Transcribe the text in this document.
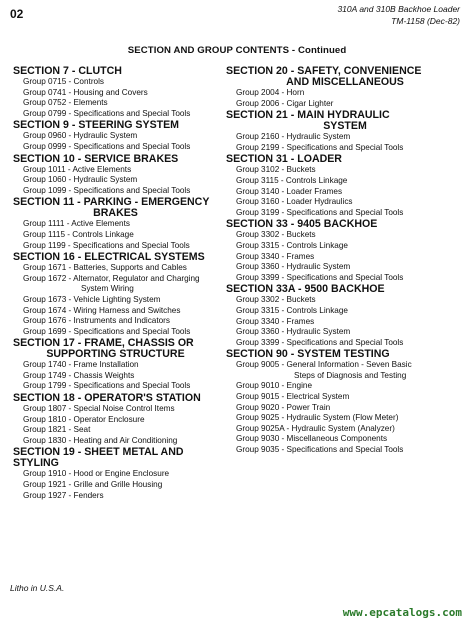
02	310A and 310B Backhoe Loader
TM-1158 (Dec-82)
SECTION AND GROUP CONTENTS - Continued
SECTION 7 - CLUTCH
Group 0715 - Controls
Group 0741 - Housing and Covers
Group 0752 - Elements
Group 0799 - Specifications and Special Tools
SECTION 9 - STEERING SYSTEM
Group 0960 - Hydraulic System
Group 0999 - Specifications and Special Tools
SECTION 10 - SERVICE BRAKES
Group 1011 - Active Elements
Group 1060 - Hydraulic System
Group 1099 - Specifications and Special Tools
SECTION 11 - PARKING - EMERGENCY
BRAKES
Group 1111 - Active Elements
Group 1115 - Controls Linkage
Group 1199 - Specifications and Special Tools
SECTION 16 - ELECTRICAL SYSTEMS
Group 1671 - Batteries, Supports and Cables
Group 1672 - Alternator, Regulator and Charging
System Wiring
Group 1673 - Vehicle Lighting System
Group 1674 - Wiring Harness and Switches
Group 1676 - Instruments and Indicators
Group 1699 - Specifications and Special Tools
SECTION 17 - FRAME, CHASSIS OR
SUPPORTING STRUCTURE
Group 1740 - Frame Installation
Group 1749 - Chassis Weights
Group 1799 - Specifications and Special Tools
SECTION 18 - OPERATOR'S STATION
Group 1807 - Special Noise Control Items
Group 1810 - Operator Enclosure
Group 1821 - Seat
Group 1830 - Heating and Air Conditioning
SECTION 19 - SHEET METAL AND STYLING
Group 1910 - Hood or Engine Enclosure
Group 1921 - Grille and Grille Housing
Group 1927 - Fenders
SECTION 20 - SAFETY, CONVENIENCE
AND MISCELLANEOUS
Group 2004 - Horn
Group 2006 - Cigar Lighter
SECTION 21 - MAIN HYDRAULIC
SYSTEM
Group 2160 - Hydraulic System
Group 2199 - Specifications and Special Tools
SECTION 31 - LOADER
Group 3102 - Buckets
Group 3115 - Controls Linkage
Group 3140 - Loader Frames
Group 3160 - Loader Hydraulics
Group 3199 - Specifications and Special Tools
SECTION 33 - 9405 BACKHOE
Group 3302 - Buckets
Group 3315 - Controls Linkage
Group 3340 - Frames
Group 3360 - Hydraulic System
Group 3399 - Specifications and Special Tools
SECTION 33A - 9500 BACKHOE
Group 3302 - Buckets
Group 3315 - Controls Linkage
Group 3340 - Frames
Group 3360 - Hydraulic System
Group 3399 - Specifications and Special Tools
SECTION 90 - SYSTEM TESTING
Group 9005 - General Information - Seven Basic
Steps of Diagnosis and Testing
Group 9010 - Engine
Group 9015 - Electrical System
Group 9020 - Power Train
Group 9025 - Hydraulic System (Flow Meter)
Group 9025A - Hydraulic System (Analyzer)
Group 9030 - Miscellaneous Components
Group 9035 - Specifications and Special Tools
Litho in U.S.A.
www.epcatalogs.com
